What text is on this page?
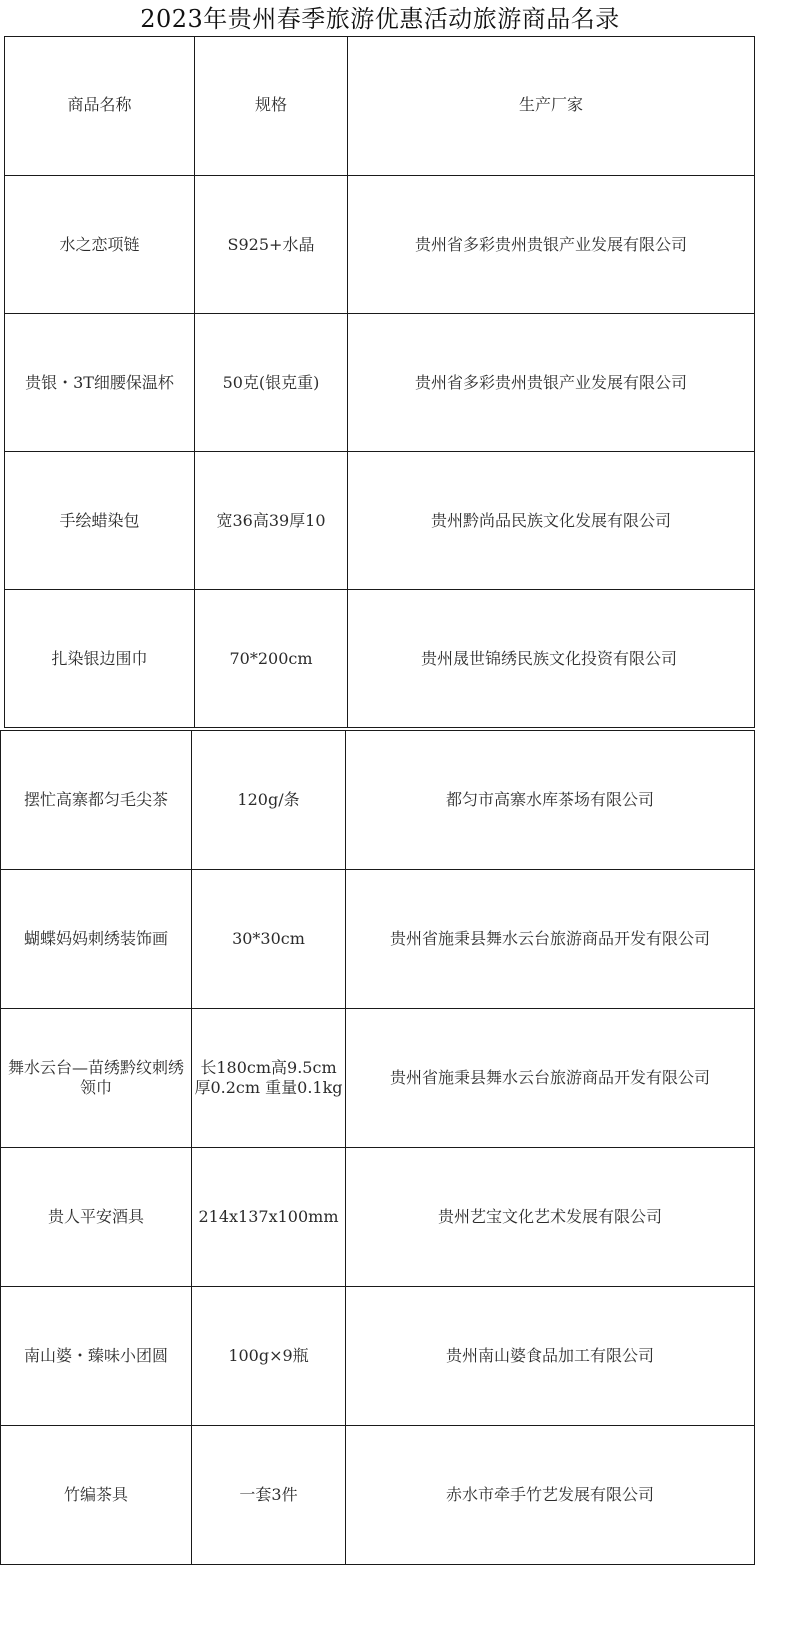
2023年贵州春季旅游优惠活动旅游商品名录
商品名称	规格	生产厂家
水之恋项链	S925+水晶	贵州省多彩贵州贵银产业发展有限公司
贵银・3T细腰保温杯	50克(银克重)	贵州省多彩贵州贵银产业发展有限公司
手绘蜡染包	宽36高39厚10	贵州黔尚品民族文化发展有限公司
扎染银边围巾	70*200cm	贵州晟世锦绣民族文化投资有限公司
摆忙高寨都匀毛尖茶	120g/条	都匀市高寨水库茶场有限公司
蝴蝶妈妈刺绣装饰画	30*30cm	贵州省施秉县舞水云台旅游商品开发有限公司
舞水云台—苗绣黔纹刺绣领巾	长180cm高9.5cm厚0.2cm 重量0.1kg	贵州省施秉县舞水云台旅游商品开发有限公司
贵人平安酒具	214x137x100mm	贵州艺宝文化艺术发展有限公司
南山婆・臻味小团圆	100g×9瓶	贵州南山婆食品加工有限公司
竹编茶具	一套3件	赤水市牵手竹艺发展有限公司
